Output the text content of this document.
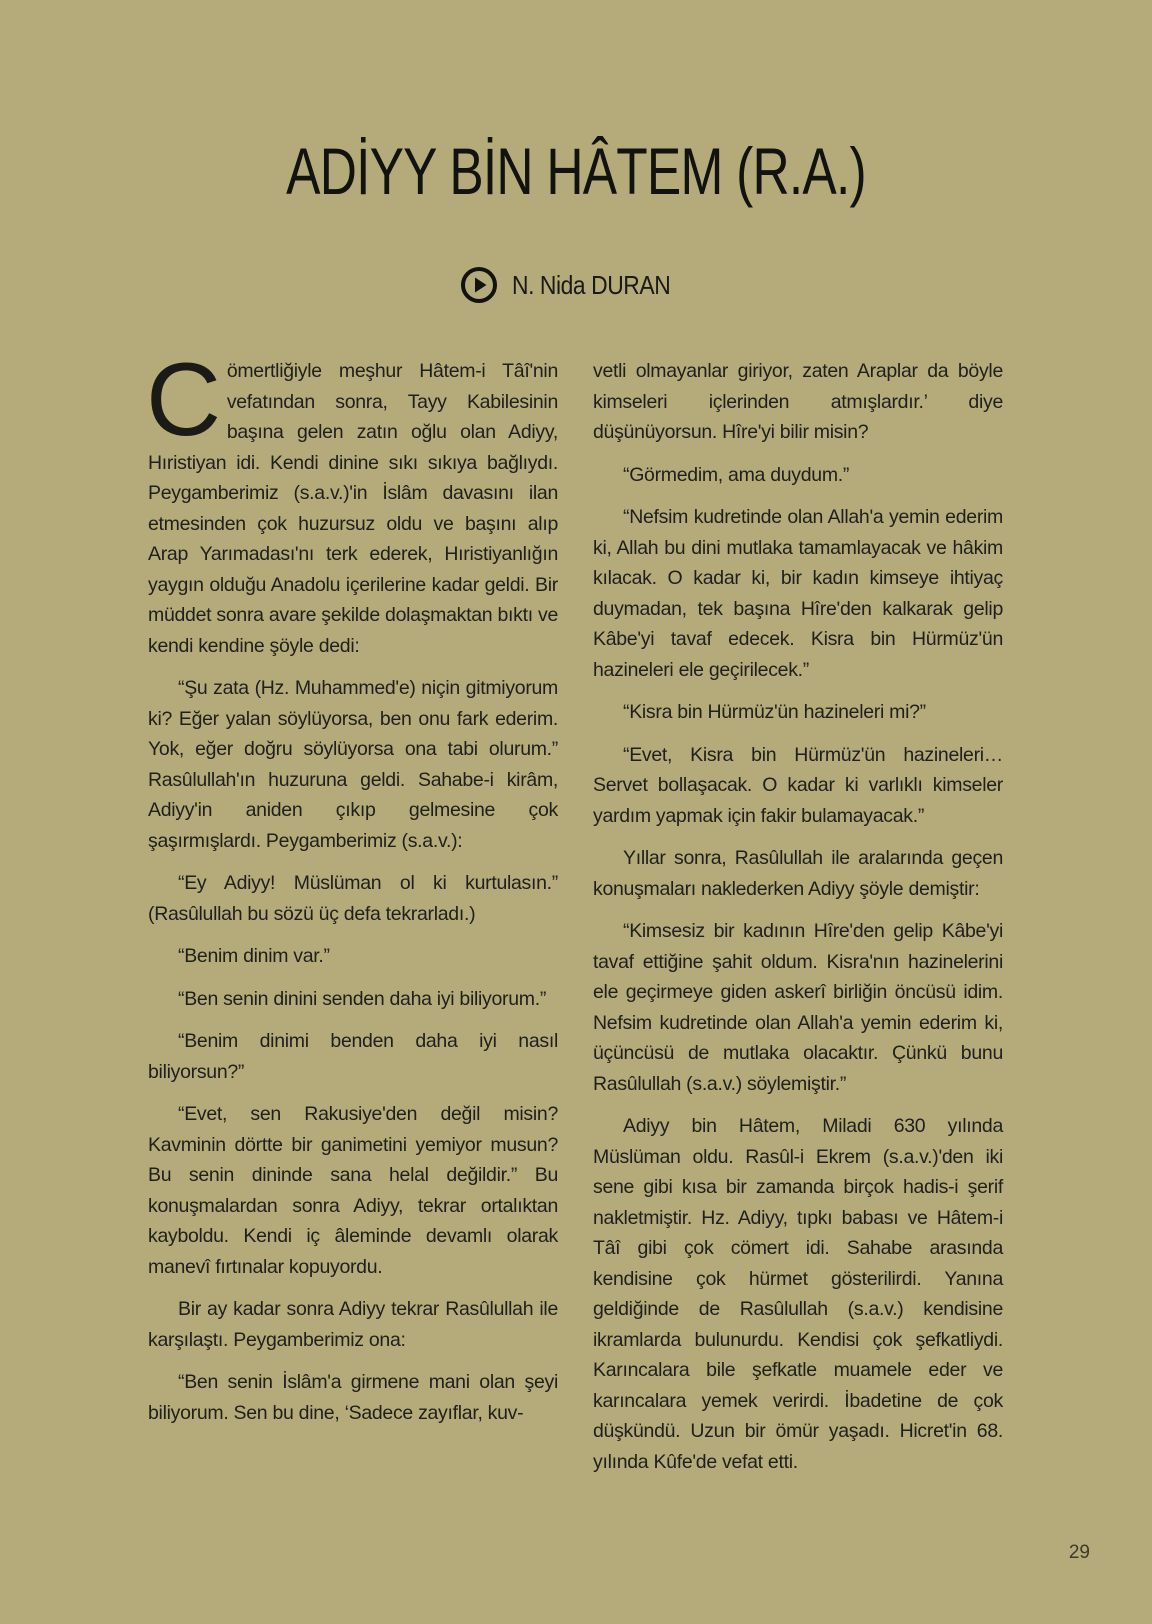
ADİYY BİN HÂTEM (R.A.)
N. Nida DURAN

Cömertliğiyle meşhur Hâtem-i Tâî'nin vefatından sonra, Tayy Kabilesinin başına gelen zatın oğlu olan Adiyy, Hıristiyan idi. Kendi dinine sıkı sıkıya bağlıydı. Peygamberimiz (s.a.v.)'in İslâm davasını ilan etmesinden çok huzursuz oldu ve başını alıp Arap Yarımadası'nı terk ederek, Hıristiyanlığın yaygın olduğu Anadolu içerilerine kadar geldi. Bir müddet sonra avare şekilde dolaşmaktan bıktı ve kendi kendine şöyle dedi:

“Şu zata (Hz. Muhammed'e) niçin gitmiyorum ki? Eğer yalan söylüyorsa, ben onu fark ederim. Yok, eğer doğru söylüyorsa ona tabi olurum.” Rasûlullah'ın huzuruna geldi. Sahabe-i kirâm, Adiyy'in aniden çıkıp gelmesine çok şaşırmışlardı. Peygamberimiz (s.a.v.):

“Ey Adiyy! Müslüman ol ki kurtulasın.” (Rasûlullah bu sözü üç defa tekrarladı.)

“Benim dinim var.”

“Ben senin dinini senden daha iyi biliyorum.”

“Benim dinimi benden daha iyi nasıl biliyorsun?”

“Evet, sen Rakusiye'den değil misin? Kavminin dörtte bir ganimetini yemiyor musun? Bu senin dininde sana helal değildir.” Bu konuşmalardan sonra Adiyy, tekrar ortalıktan kayboldu. Kendi iç âleminde devamlı olarak manevî fırtınalar kopuyordu.

Bir ay kadar sonra Adiyy tekrar Rasûlullah ile karşılaştı. Peygamberimiz ona:

“Ben senin İslâm'a girmene mani olan şeyi biliyorum. Sen bu dine, ‘Sadece zayıflar, kuv-

vetli olmayanlar giriyor, zaten Araplar da böyle kimseleri içlerinden atmışlardır.’ diye düşünüyorsun. Hîre'yi bilir misin?

“Görmedim, ama duydum.”

“Nefsim kudretinde olan Allah'a yemin ederim ki, Allah bu dini mutlaka tamamlayacak ve hâkim kılacak. O kadar ki, bir kadın kimseye ihtiyaç duymadan, tek başına Hîre'den kalkarak gelip Kâbe'yi tavaf edecek. Kisra bin Hürmüz'ün hazineleri ele geçirilecek.”

“Kisra bin Hürmüz'ün hazineleri mi?”

“Evet, Kisra bin Hürmüz'ün hazineleri… Servet bollaşacak. O kadar ki varlıklı kimseler yardım yapmak için fakir bulamayacak.”

Yıllar sonra, Rasûlullah ile aralarında geçen konuşmaları naklederken Adiyy şöyle demiştir:

“Kimsesiz bir kadının Hîre'den gelip Kâbe'yi tavaf ettiğine şahit oldum. Kisra'nın hazinelerini ele geçirmeye giden askerî birliğin öncüsü idim. Nefsim kudretinde olan Allah'a yemin ederim ki, üçüncüsü de mutlaka olacaktır. Çünkü bunu Rasûlullah (s.a.v.) söylemiştir.”

Adiyy bin Hâtem, Miladi 630 yılında Müslüman oldu. Rasûl-i Ekrem (s.a.v.)'den iki sene gibi kısa bir zamanda birçok hadis-i şerif nakletmiştir. Hz. Adiyy, tıpkı babası ve Hâtem-i Tâî gibi çok cömert idi. Sahabe arasında kendisine çok hürmet gösterilirdi. Yanına geldiğinde de Rasûlullah (s.a.v.) kendisine ikramlarda bulunurdu. Kendisi çok şefkatliydi. Karıncalara bile şefkatle muamele eder ve karıncalara yemek verirdi. İbadetine de çok düşkündü. Uzun bir ömür yaşadı. Hicret'in 68. yılında Kûfe'de vefat etti.

29
